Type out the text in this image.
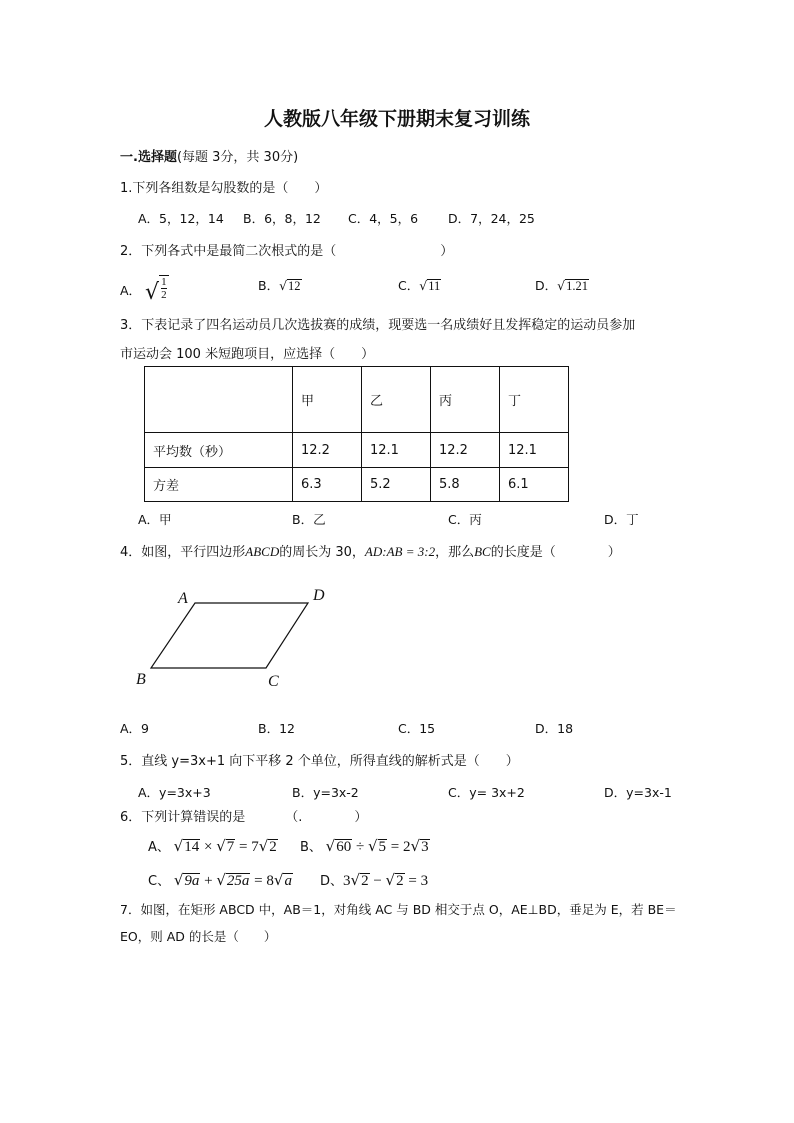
人教版八年级下册期末复习训练
一.选择题(每题 3分，共 30分)
1.下列各组数是勾股数的是（　　）
A．5，12，14 B．6，8，12 C．4，5，6 D．7，24，25
2．下列各式中是最简二次根式的是（　　　　　　　　）
A． √ $\frac{1}{2}$	B．√12	C．√11	D．√1.21
3．下表记录了四名运动员几次选拔赛的成绩，现要选一名成绩好且发挥稳定的运动员参加
市运动会 100 米短跑项目，应选择（　　）
	甲	乙	丙	丁
平均数（秒）	12.2	12.1	12.2	12.1
方差	6.3	5.2	5.8	6.1
A．甲	B．乙	C．丙	D．丁
4．如图，平行四边形ABCD的周长为 30，AD:AB = 3:2，那么BC的长度是（　　　　）
A	D
B	C
A．9	B．12	C．15	D．18
5．直线 y=3x+1 向下平移 2 个单位，所得直线的解析式是（　　）
A．y=3x+3	B．y=3x-2	C．y= 3x+2	D．y=3x-1
6．下列计算错误的是	（.　　　　）
A、 √14 × √7 = 7√2 B、 √60 ÷ √5 = 2√3
C、 √9a + √25a = 8√a D、3√2 − √2 = 3
7．如图，在矩形 ABCD 中，AB＝1，对角线 AC 与 BD 相交于点 O，AE⊥BD，垂足为 E，若 BE＝
EO，则 AD 的长是（　　）
